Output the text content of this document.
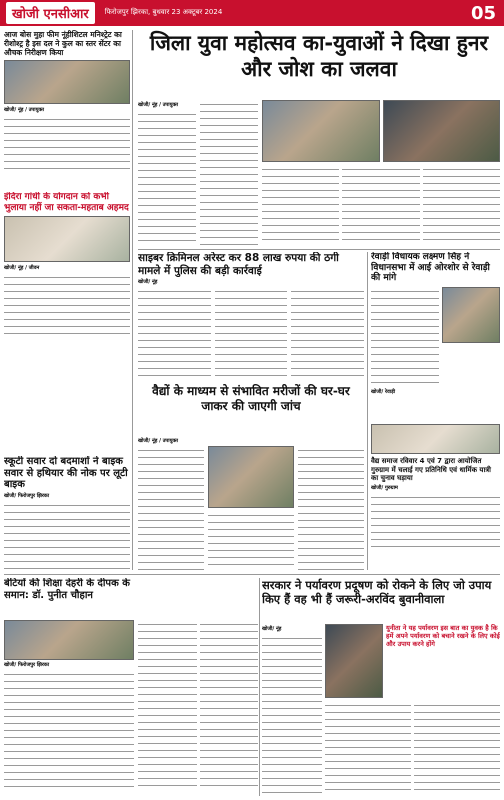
खोजी एनसीआर	फिरोजपुर झिरका, बुधवार 23 अक्टूबर 2024	05
आज बोस मुहा फीम नूंहीशिटल मनिश्ट्रेट का रीशोश्ट्र है इस दल ने कुल का स्तर सेंटर का औचक निरीक्षण किया
खोजी/ नूंह / उपायुक्त
इंदिरा गांधी के योगदान को कभी भुलाया नहीं जा सकता-महताब अहमद
खोजी/ नूंह / जीवन
स्कूटी सवार दो बदमाशों ने बाइक सवार से हथियार की नोक पर लूटी बाइक
खोजी/ फिरोजपुर झिरका
जिला युवा महोत्सव का-युवाओं ने दिखा हुनर और जोश का जलवा
खोजी/ नूंह / उपायुक्त
साइबर क्रिमिनल अरेस्ट कर 88 लाख रुपया की ठगी मामले में पुलिस की बड़ी कार्रवाई
खोजी/ नूंह
रेवाड़ी विधायक लक्ष्मण सिंह ने विधानसभा में आई ओरशोर से रेवाड़ी की मांगे
खोजी/ रेवाड़ी
वैद्य समाज रविवार 4 एवं 7 द्वारा आयोजित गुरुग्राम में चलाई गए प्रतिनिधि एवं धार्मिक यात्री का चुनाव घड़ाया
खोजी/ गुरुग्राम
वैद्यों के माध्यम से संभावित मरीजों की घर-घर जाकर की जाएगी जांच
खोजी/ नूंह / उपायुक्त
बेटियों की शिक्षा देहरी के दीपक के समान: डॉ. पुनीत चौहान
खोजी/ फिरोजपुर झिरका
सरकार ने पर्यावरण प्रदूषण को रोकने के लिए जो उपाय किए हैं वह भी हैं जरूरी-अरविंद बुवानीवाला
खोजी/ नूंह	युनीता ने यह पर्यावरण इस बात का युवक है कि हमें अपने पर्यावरण को बचाने रखने के लिए कोई और उपाय करने होंगे
